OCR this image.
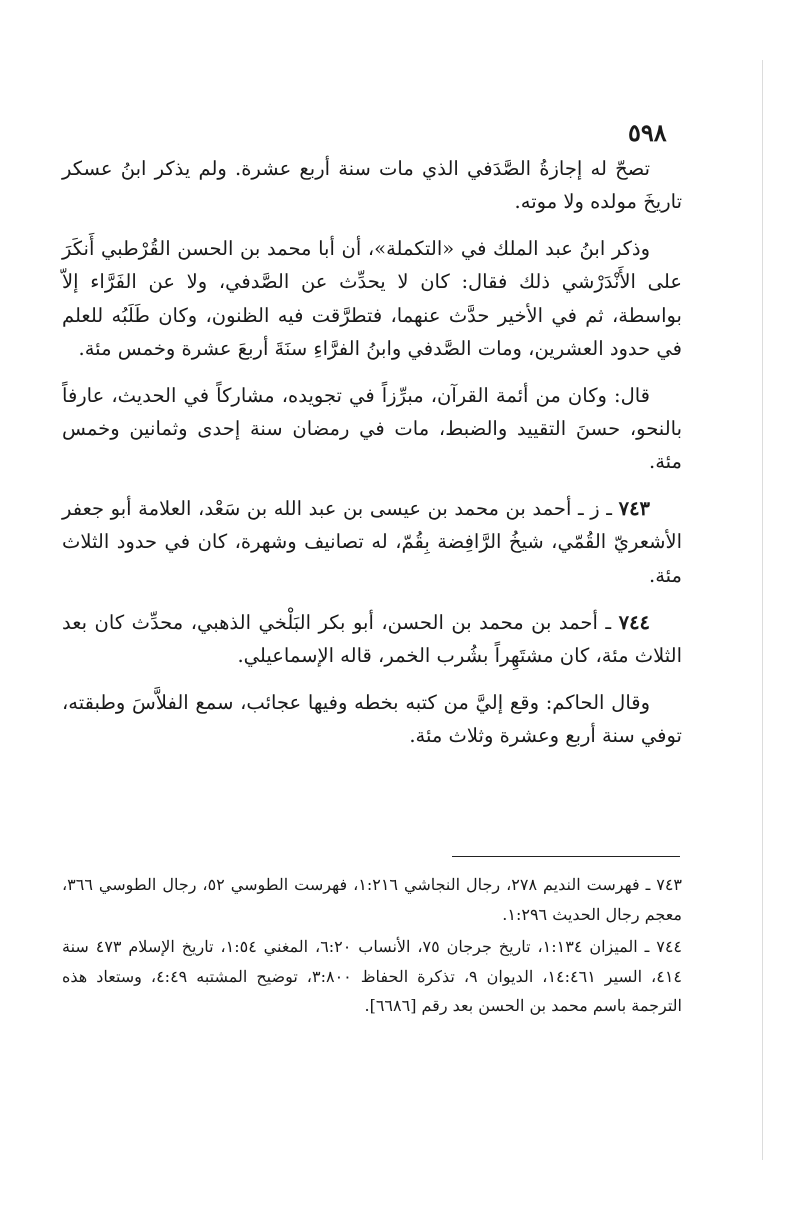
٥٩٨

تصحّ له إجازةُ الصَّدَفي الذي مات سنة أربع عشرة. ولم يذكر ابنُ عسكر تاريخَ مولده ولا موته.

وذكر ابنُ عبد الملك في «التكملة»، أن أبا محمد بن الحسن القُرْطبي أَنكَرَ على الأَنْدَرْشي ذلك فقال: كان لا يحدِّث عن الصَّدفي، ولا عن الفَرَّاء إلاّ بواسطة، ثم في الأخير حدَّث عنهما، فتطرَّقت فيه الظنون، وكان طَلَبُه للعلم في حدود العشرين، ومات الصَّدفي وابنُ الفرَّاءِ سنَةَ أربعَ عشرة وخمس مئة.

قال: وكان من أئمة القرآن، مبرِّزاً في تجويده، مشاركاً في الحديث، عارفاً بالنحو، حسنَ التقييد والضبط، مات في رمضان سنة إحدى وثمانين وخمس مئة.

٧٤٣ ـ ز ـ أحمد بن محمد بن عيسى بن عبد الله بن سَعْد، العلامة أبو جعفر الأشعريّ القُمّي، شيخُ الرَّافِضة بِقُمّ، له تصانيف وشهرة، كان في حدود الثلاث مئة.

٧٤٤ ـ أحمد بن محمد بن الحسن، أبو بكر البَلْخي الذهبي، محدِّث كان بعد الثلاث مئة، كان مشتَهِراً بشُرب الخمر، قاله الإسماعيلي.

وقال الحاكم: وقع إليَّ من كتبه بخطه وفيها عجائب، سمع الفلاَّسَ وطبقته، توفي سنة أربع وعشرة وثلاث مئة.

٧٤٣ ـ فهرست النديم ٢٧٨، رجال النجاشي ١:٢١٦، فهرست الطوسي ٥٢، رجال الطوسي ٣٦٦، معجم رجال الحديث ١:٢٩٦.

٧٤٤ ـ الميزان ١:١٣٤، تاريخ جرجان ٧٥، الأنساب ٦:٢٠، المغني ١:٥٤، تاريخ الإسلام ٤٧٣ سنة ٤١٤، السير ١٤:٤٦١، الديوان ٩، تذكرة الحفاظ ٣:٨٠٠، توضيح المشتبه ٤:٤٩، وستعاد هذه الترجمة باسم محمد بن الحسن بعد رقم [٦٦٨٦].
